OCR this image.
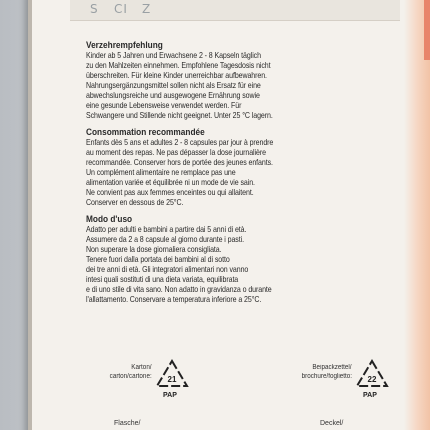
S CI Z
Verzehrempfehlung
Kinder ab 5 Jahren und Erwachsene 2 - 8 Kapseln täglich
zu den Mahlzeiten einnehmen. Empfohlene Tagesdosis nicht
überschreiten. Für kleine Kinder unerreichbar aufbewahren.
Nahrungsergänzungsmittel sollen nicht als Ersatz für eine
abwechslungsreiche und ausgewogene Ernährung sowie
eine gesunde Lebensweise verwendet werden. Für
Schwangere und Stillende nicht geeignet. Unter 25 °C lagern.
Consommation recommandée
Enfants dès 5 ans et adultes 2 - 8 capsules par jour à prendre
au moment des repas. Ne pas dépasser la dose journalière
recommandée. Conserver hors de portée des jeunes enfants.
Un complément alimentaire ne remplace pas une
alimentation variée et équilibrée ni un mode de vie sain.
Ne convient pas aux femmes enceintes ou qui allaitent.
Conserver en dessous de 25°C.
Modo d'uso
Adatto per adulti e bambini a partire dai 5 anni di età.
Assumere da 2 a 8 capsule al giorno durante i pasti.
Non superare la dose giornaliera consigliata.
Tenere fuori dalla portata dei bambini al di sotto
dei tre anni di età. Gli integratori alimentari non vanno
intesi quali sostituti di una dieta variata, equilibrata
e di uno stile di vita sano. Non adatto in gravidanza o durante
l'allattamento. Conservare a temperatura inferiore a 25°C.
Karton/
carton/cartone: 21
PAP
Flasche/
Beipackzettel/
brochure/foglietto: 22
PAP
Deckel/
